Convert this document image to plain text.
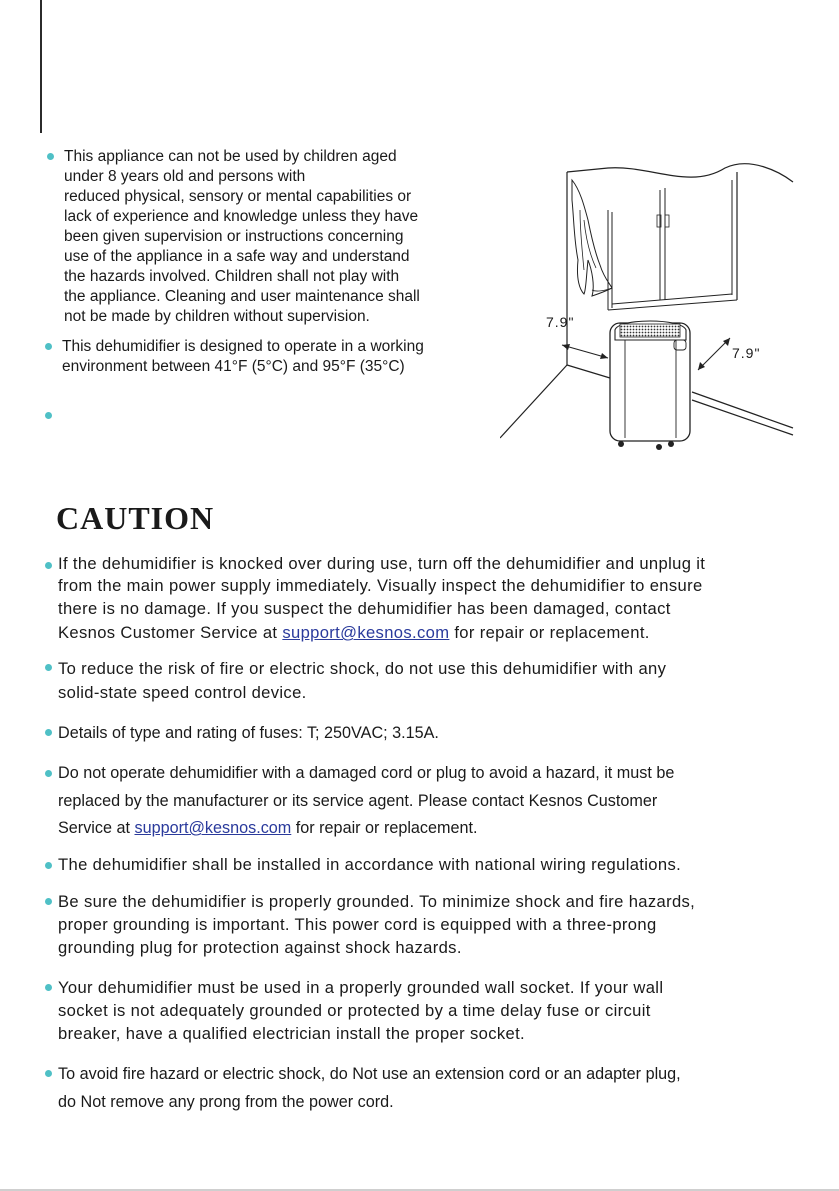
This appliance can not be used by children aged
under 8 years old and persons with
reduced physical, sensory or mental capabilities or
lack of experience and knowledge unless they have
been given supervision or instructions concerning
use of the appliance in a safe way and understand
the hazards involved. Children shall not play with
the appliance. Cleaning and user maintenance shall
not be made by children without supervision.
This dehumidifier is designed to operate in a working
environment between 41°F (5°C) and 95°F (35°C)
7.9"
7.9"
CAUTION
If the dehumidifier is knocked over during use, turn off the dehumidifier and unplug it
from the main power supply immediately. Visually inspect the dehumidifier to ensure
there is no damage. If you suspect the dehumidifier has been damaged, contact
Kesnos Customer Service at support@kesnos.com for repair or replacement.
To reduce the risk of fire or electric shock, do not use this dehumidifier with any
solid-state speed control device.
Details of type and rating of fuses: T; 250VAC; 3.15A.
Do not operate dehumidifier with a damaged cord or plug to avoid a hazard, it must be
replaced by the manufacturer or its service agent. Please contact Kesnos Customer
Service at support@kesnos.com for repair or replacement.
The dehumidifier shall be installed in accordance with national wiring regulations.
Be sure the dehumidifier is properly grounded. To minimize shock and fire hazards,
proper grounding is important. This power cord is equipped with a three-prong
grounding plug for protection against shock hazards.
Your dehumidifier must be used in a properly grounded wall socket. If your wall
socket is not adequately grounded or protected by a time delay fuse or circuit
breaker, have a qualified electrician install the proper socket.
To avoid fire hazard or electric shock, do Not use an extension cord or an adapter plug,
do Not remove any prong from the power cord.
